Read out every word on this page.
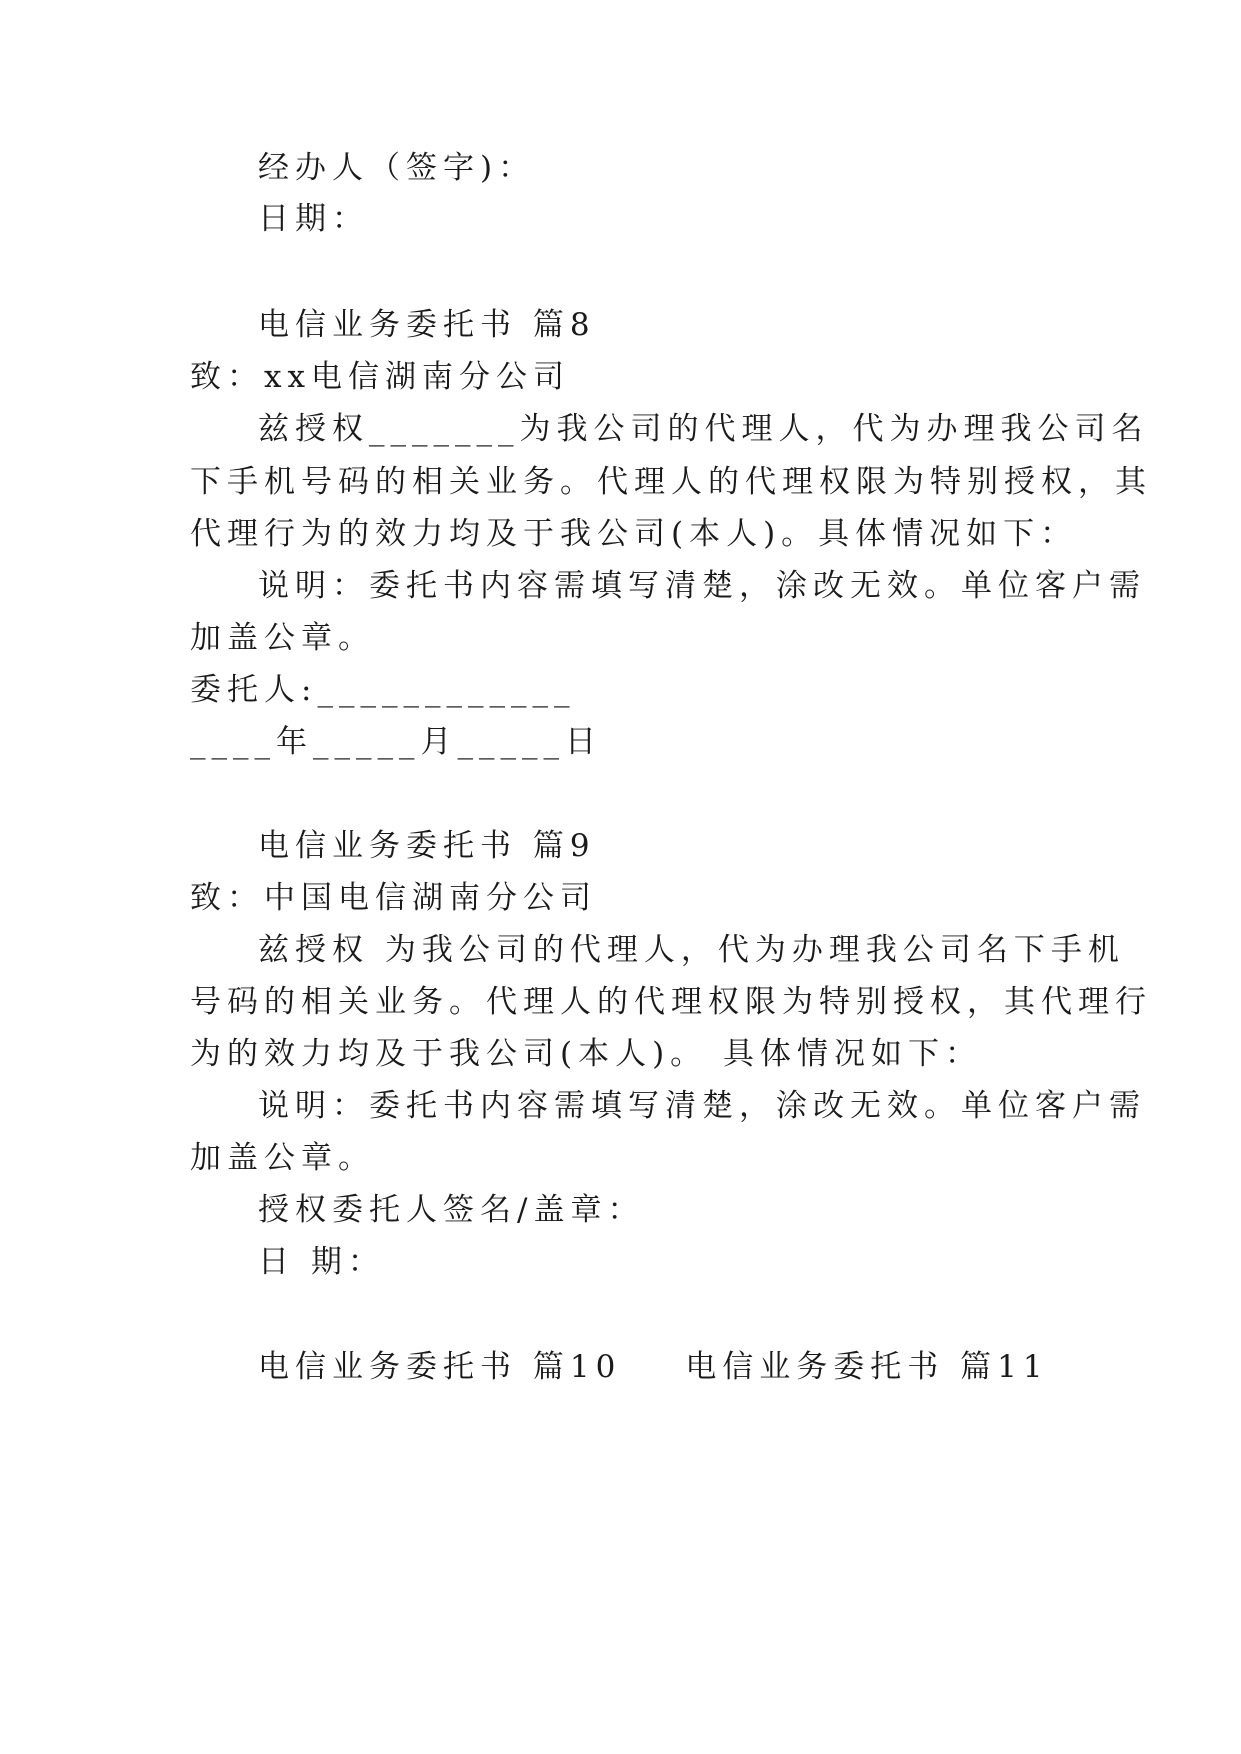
经办人（签字)：
日期：
电信业务委托书 篇8
致：xx电信湖南分公司
兹授权_______为我公司的代理人，代为办理我公司名
下手机号码的相关业务。代理人的代理权限为特别授权，其
代理行为的效力均及于我公司(本人)。具体情况如下：
说明：委托书内容需填写清楚，涂改无效。单位客户需
加盖公章。
委托人:____________
____年_____月_____日
电信业务委托书 篇9
致：中国电信湖南分公司
兹授权 为我公司的代理人，代为办理我公司名下手机
号码的相关业务。代理人的代理权限为特别授权，其代理行
为的效力均及于我公司(本人)。 具体情况如下：
说明：委托书内容需填写清楚，涂改无效。单位客户需
加盖公章。
授权委托人签名/盖章：
日 期：
电信业务委托书 篇10 电信业务委托书 篇11
